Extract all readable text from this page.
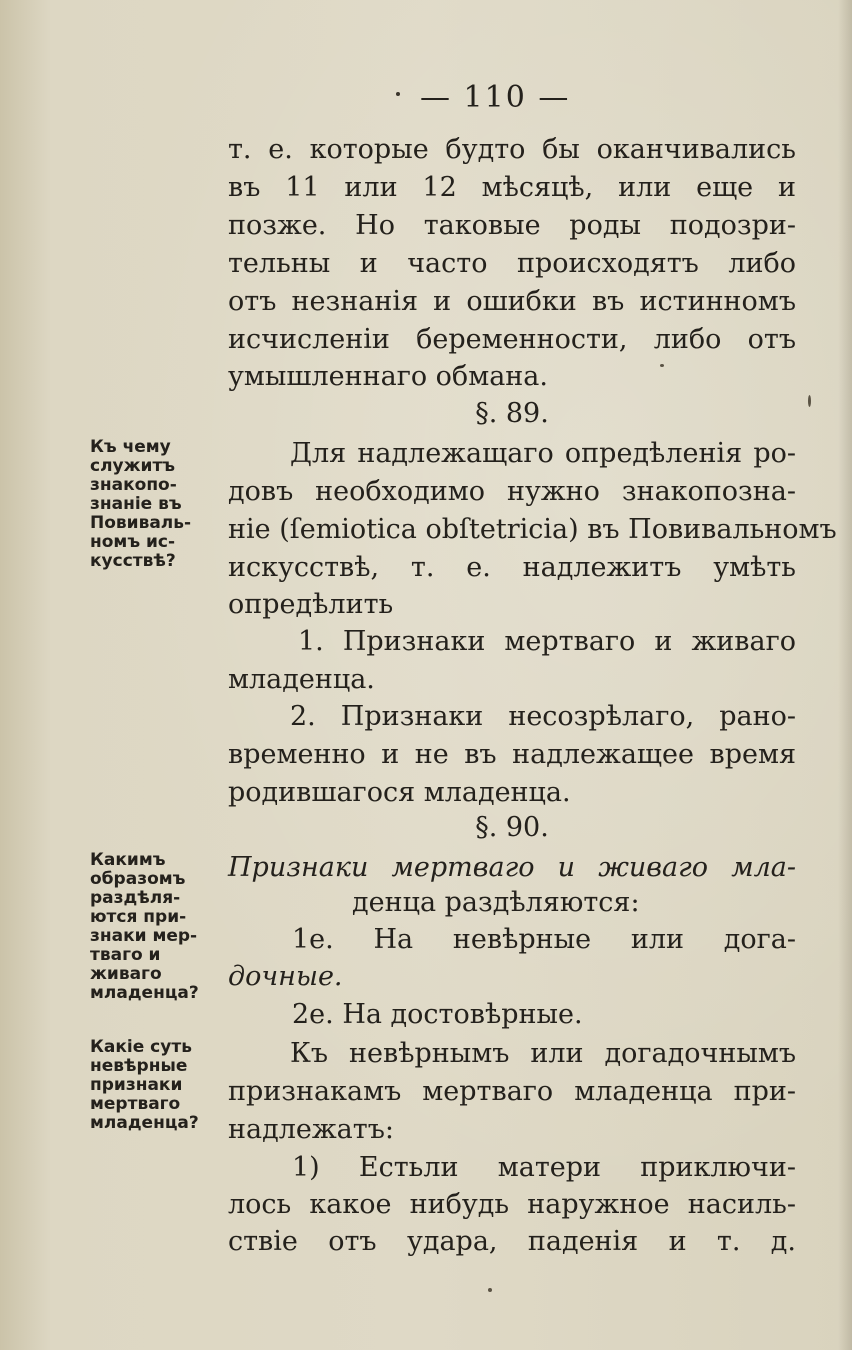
— 110 —
т. е. которые будто бы оканчивались
въ 11 или 12 мѣсяцѣ, или еще и
позже. Но таковые роды подозри-
тельны и часто происходятъ либо
отъ незнанія и ошибки въ истинномъ
исчисленіи беременности, либо отъ
умышленнаго обмана.
§. 89.
Для надлежащаго опредѣленія ро-
довъ необходимо нужно знакопозна-
ніе (ſemiotica obſtetricia) въ Повивальномъ
искусствѣ, т. е. надлежитъ умѣть
опредѣлить
1. Признаки мертваго и живаго
младенца.
2. Признаки несозрѣлаго, рано-
временно и не въ надлежащее время
родившагося младенца.
§. 90.
Признаки мертваго и живаго мла-
денца раздѣляются:
1е. На невѣрные или догa-
дочные.
2е. На достовѣрные.
Къ невѣрнымъ или догадочнымъ
признакамъ мертваго младенца при-
надлежатъ:
1) Естьли матери приключи-
лось какое нибудь наружное насиль-
ствіе отъ удара, паденія и т. д.
Къ чему
служитъ
знакопо-
знаніе въ
Повиваль-
номъ ис-
кусствѣ?
Какимъ
образомъ
раздѣля-
ются при-
знаки мер-
тваго и
живаго
младенца?
Какіе суть
невѣрные
признаки
мертваго
младенца?
